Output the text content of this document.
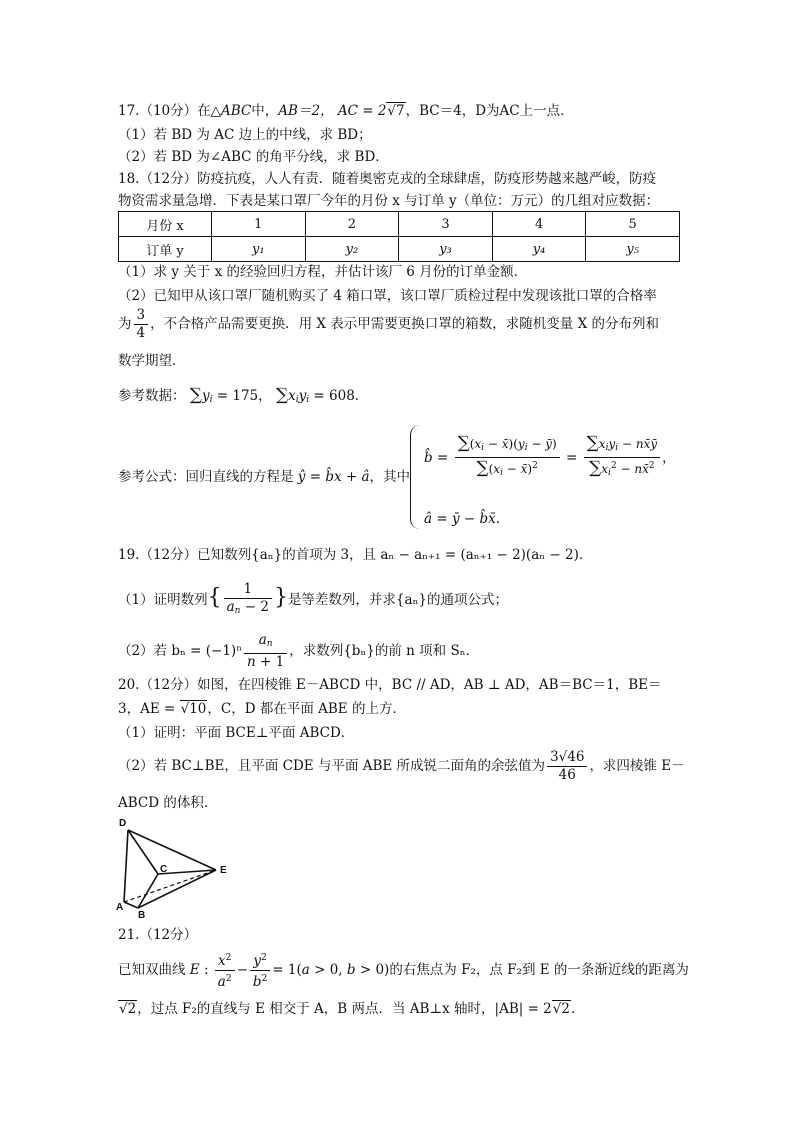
17.（10分）在△ABC中，AB＝2， AC = 2√7，BC＝4，D为AC上一点．
（1）若 BD 为 AC 边上的中线，求 BD；
（2）若 BD 为∠ABC 的角平分线，求 BD．
18.（12分）防疫抗疫，人人有责．随着奥密克戎的全球肆虐，防疫形势越来越严峻，防疫
物资需求量急增．下表是某口罩厂今年的月份 x 与订单 y（单位：万元）的几组对应数据：
月份 x	1	2	3	4	5
订单 y	y₁	y₂	y₃	y₄	y₅
（1）求 y 关于 x 的经验回归方程，并估计该厂 6 月份的订单金额．
（2）已知甲从该口罩厂随机购买了 4 箱口罩，该口罩厂质检过程中发现该批口罩的合格率
为 $\frac{3}{4}$ ，不合格产品需要更换．用 X 表示甲需要更换口罩的箱数，求随机变量 X 的分布列和
数学期望．
参考数据： $\sum y_i = 175$， $\sum x_iy_i = 608$．
参考公式：回归直线的方程是 ŷ = b̂x + â，其中
b̂ = $\frac{\sum(x_i - x̄)(y_i - ȳ)}{\sum(x_i - x̄)^2} = \frac{\sum x_iy_i - nx̄ȳ}{\sum x_i^2 - nx̄^2}$ ，
â = ȳ − b̂x̄.
19.（12分）已知数列{aₙ}的首项为 3，且 aₙ − aₙ₊₁ = (aₙ₊₁ − 2)(aₙ − 2)．
（1）证明数列{ $\frac{1}{a_n - 2}$ }是等差数列，并求{aₙ}的通项公式；
（2）若 $b_n = (-1)^n \frac{a_n}{n + 1}$ ，求数列{bₙ}的前 n 项和 Sₙ．
20.（12分）如图，在四棱锥 E－ABCD 中，BC // AD，AB ⊥ AD，AB＝BC＝1，BE＝
3，AE = √10，C，D 都在平面 ABE 的上方．
（1）证明：平面 BCE⊥平面 ABCD．
（2）若 BC⊥BE，且平面 CDE 与平面 ABE 所成锐二面角的余弦值为 $\frac{3√46}{46}$ ，求四棱锥 E－
ABCD 的体积．
D
C	E
A
B
21.（12分）
已知双曲线 E : $\frac{x^2}{a^2} - \frac{y^2}{b^2} = 1(a > 0$, b > 0)的右焦点为 F₂，点 F₂到 E 的一条渐近线的距离为
√2，过点 F₂的直线与 E 相交于 A，B 两点．当 AB⊥x 轴时，|AB| = 2√2．
